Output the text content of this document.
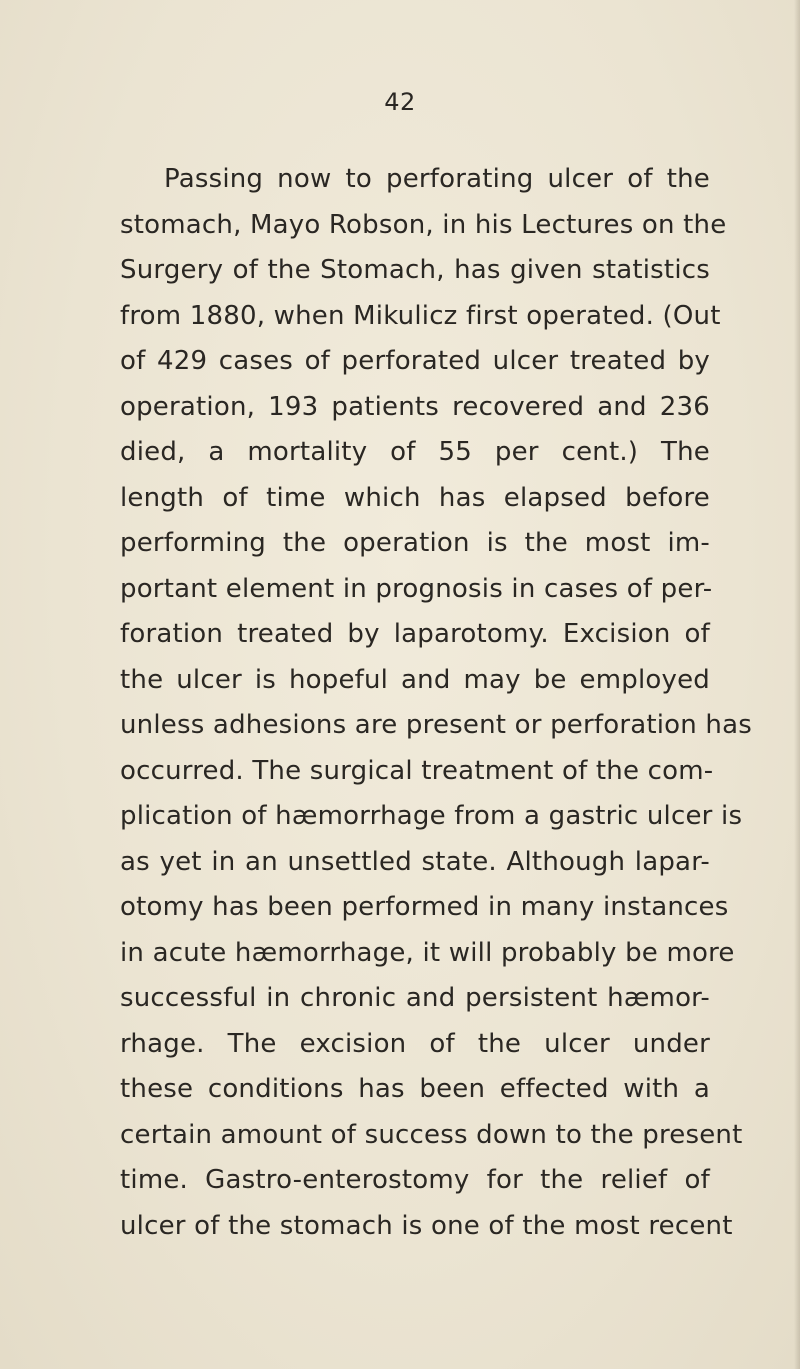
42
Passing now to perforating ulcer of the
stomach, Mayo Robson, in his Lectures on the
Surgery of the Stomach, has given statistics
from 1880, when Mikulicz first operated. (Out
of 429 cases of perforated ulcer treated by
operation, 193 patients recovered and 236
died, a mortality of 55 per cent.) The
length of time which has elapsed before
performing the operation is the most im-
portant element in prognosis in cases of per-
foration treated by laparotomy. Excision of
the ulcer is hopeful and may be employed
unless adhesions are present or perforation has
occurred. The surgical treatment of the com-
plication of hæmorrhage from a gastric ulcer is
as yet in an unsettled state. Although lapar-
otomy has been performed in many instances
in acute hæmorrhage, it will probably be more
successful in chronic and persistent hæmor-
rhage. The excision of the ulcer under
these conditions has been effected with a
certain amount of success down to the present
time. Gastro-enterostomy for the relief of
ulcer of the stomach is one of the most recent
